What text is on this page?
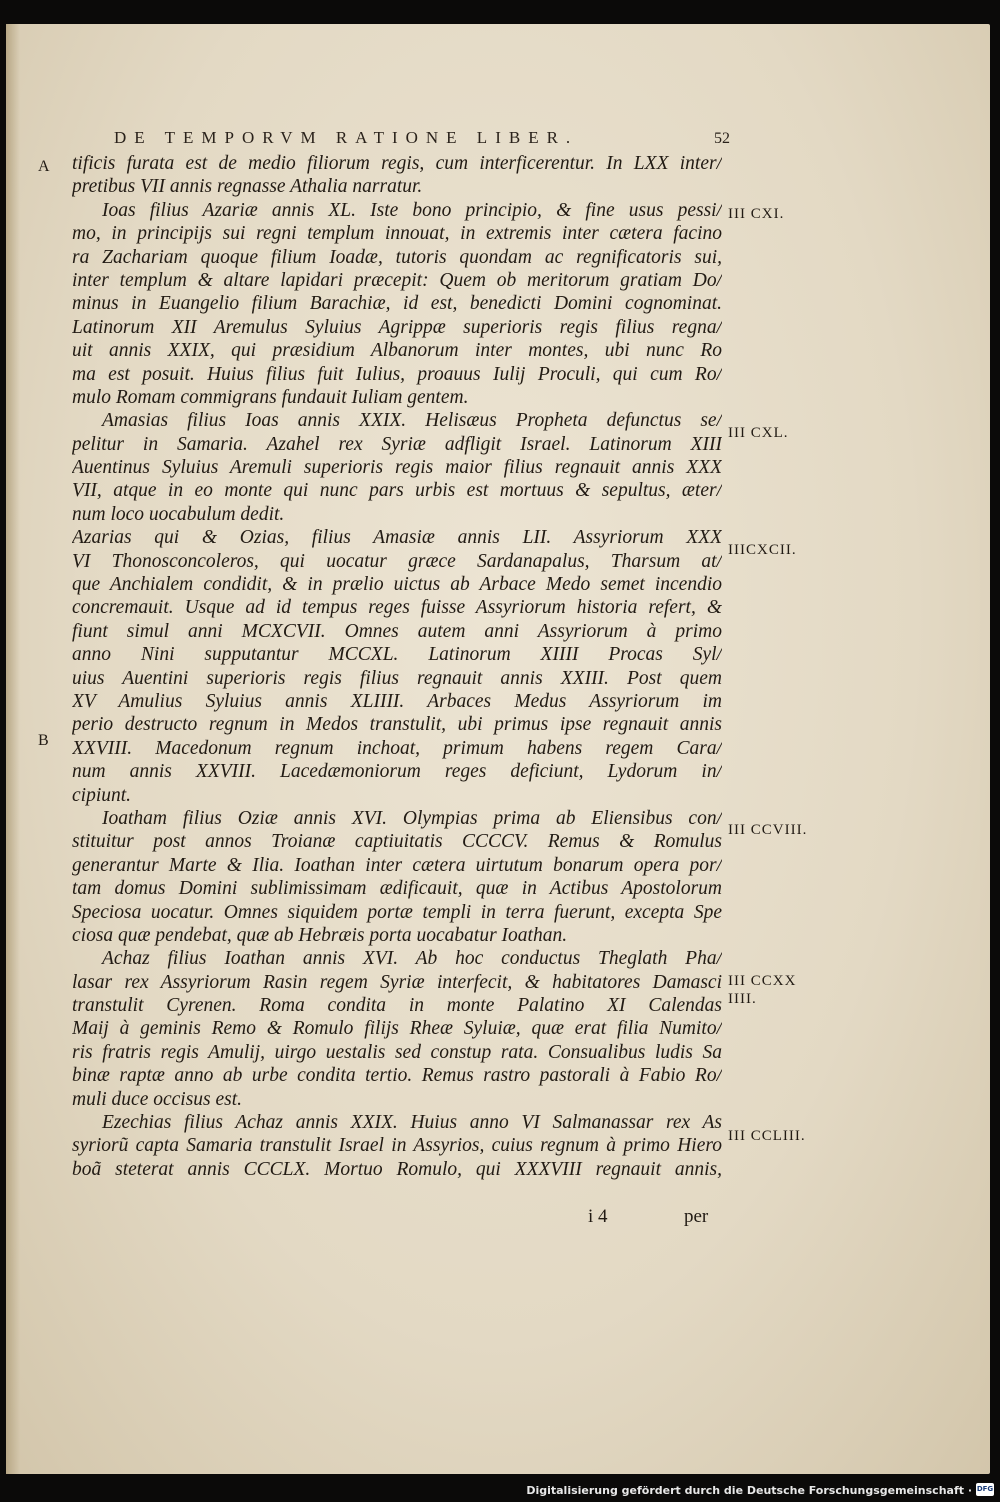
DE TEMPORVM RATIONE LIBER.	52
A
B
III CXI.
III CXL.
IIICXCII.
III CCVIII.
III CCXX IIII.
III CCLIII.
tificis furata est de medio filiorum regis, cum interficerentur. In LXX inter/
pretibus VII annis regnasse Athalia narratur.
Ioas filius Azariæ annis XL. Iste bono principio, & fine usus pessi/
mo, in principijs sui regni templum innouat, in extremis inter cætera facino
ra Zachariam quoque filium Ioadæ, tutoris quondam ac regnificatoris sui,
inter templum & altare lapidari præcepit: Quem ob meritorum gratiam Do/
minus in Euangelio filium Barachiæ, id est, benedicti Domini cognominat.
Latinorum XII Aremulus Syluius Agrippæ superioris regis filius regna/
uit annis XXIX, qui præsidium Albanorum inter montes, ubi nunc Ro
ma est posuit. Huius filius fuit Iulius, proauus Iulij Proculi, qui cum Ro/
mulo Romam commigrans fundauit Iuliam gentem.
Amasias filius Ioas annis XXIX. Helisæus Propheta defunctus se/
pelitur in Samaria. Azahel rex Syriæ adfligit Israel. Latinorum XIII
Auentinus Syluius Aremuli superioris regis maior filius regnauit annis XXX
VII, atque in eo monte qui nunc pars urbis est mortuus & sepultus, æter/
num loco uocabulum dedit.
Azarias qui & Ozias, filius Amasiæ annis LII. Assyriorum XXX
VI Thonosconcoleros, qui uocatur græce Sardanapalus, Tharsum at/
que Anchialem condidit, & in prælio uictus ab Arbace Medo semet incendio
concremauit. Usque ad id tempus reges fuisse Assyriorum historia refert, &
fiunt simul anni MCXCVII. Omnes autem anni Assyriorum à primo
anno Nini supputantur MCCXL. Latinorum XIIII Procas Syl/
uius Auentini superioris regis filius regnauit annis XXIII. Post quem
XV Amulius Syluius annis XLIIII. Arbaces Medus Assyriorum im
perio destructo regnum in Medos transtulit, ubi primus ipse regnauit annis
XXVIII. Macedonum regnum inchoat, primum habens regem Cara/
num annis XXVIII. Lacedæmoniorum reges deficiunt, Lydorum in/
cipiunt.
Ioatham filius Oziæ annis XVI. Olympias prima ab Eliensibus con/
stituitur post annos Troianæ captiuitatis CCCCV. Remus & Romulus
generantur Marte & Ilia. Ioathan inter cætera uirtutum bonarum opera por/
tam domus Domini sublimissimam ædificauit, quæ in Actibus Apostolorum
Speciosa uocatur. Omnes siquidem portæ templi in terra fuerunt, excepta Spe
ciosa quæ pendebat, quæ ab Hebræis porta uocabatur Ioathan.
Achaz filius Ioathan annis XVI. Ab hoc conductus Theglath Pha/
lasar rex Assyriorum Rasin regem Syriæ interfecit, & habitatores Damasci
transtulit Cyrenen. Roma condita in monte Palatino XI Calendas
Maij à geminis Remo & Romulo filijs Rheæ Syluiæ, quæ erat filia Numito/
ris fratris regis Amulij, uirgo uestalis sed constup rata. Consualibus ludis Sa
binæ raptæ anno ab urbe condita tertio. Remus rastro pastorali à Fabio Ro/
muli duce occisus est.
Ezechias filius Achaz annis XXIX. Huius anno VI Salmanassar rex As
syriorũ capta Samaria transtulit Israel in Assyrios, cuius regnum à primo Hiero
boã steterat annis CCCLX. Mortuo Romulo, qui XXXVIII regnauit annis,
i 4	per
Digitalisierung gefördert durch die Deutsche Forschungsgemeinschaft · DFG
